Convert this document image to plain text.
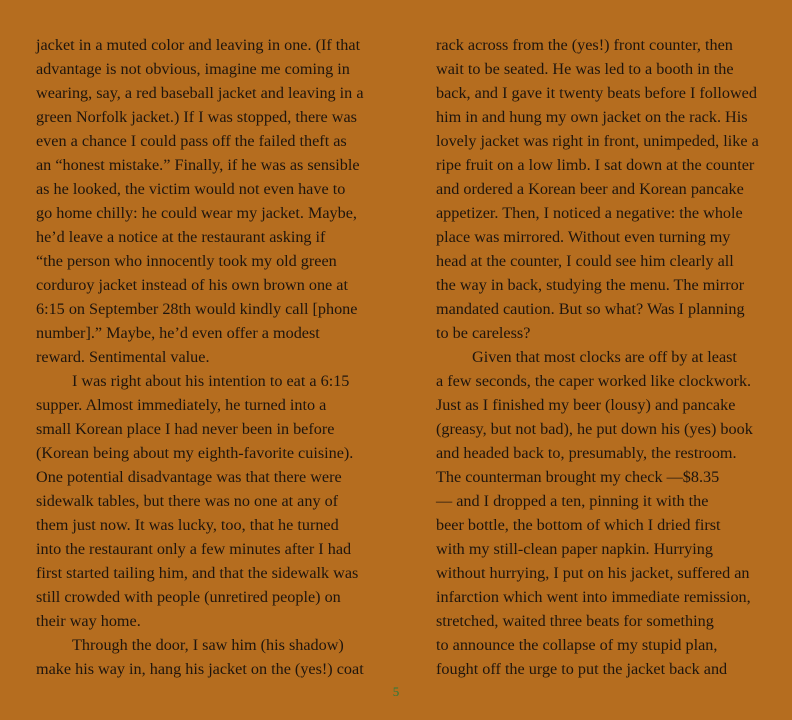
jacket in a muted color and leaving in one. (If that
advantage is not obvious, imagine me coming in
wearing, say, a red baseball jacket and leaving in a
green Norfolk jacket.) If I was stopped, there was
even a chance I could pass off the failed theft as
an “honest mistake.” Finally, if he was as sensible
as he looked, the victim would not even have to
go home chilly: he could wear my jacket. Maybe,
he’d leave a notice at the restaurant asking if
“the person who innocently took my old green
corduroy jacket instead of his own brown one at
6:15 on September 28th would kindly call [phone
number].” Maybe, he’d even offer a modest
reward. Sentimental value.
I was right about his intention to eat a 6:15
supper. Almost immediately, he turned into a
small Korean place I had never been in before
(Korean being about my eighth-favorite cuisine).
One potential disadvantage was that there were
sidewalk tables, but there was no one at any of
them just now. It was lucky, too, that he turned
into the restaurant only a few minutes after I had
first started tailing him, and that the sidewalk was
still crowded with people (unretired people) on
their way home.
Through the door, I saw him (his shadow)
make his way in, hang his jacket on the (yes!) coat
rack across from the (yes!) front counter, then
wait to be seated. He was led to a booth in the
back, and I gave it twenty beats before I followed
him in and hung my own jacket on the rack. His
lovely jacket was right in front, unimpeded, like a
ripe fruit on a low limb. I sat down at the counter
and ordered a Korean beer and Korean pancake
appetizer. Then, I noticed a negative: the whole
place was mirrored. Without even turning my
head at the counter, I could see him clearly all
the way in back, studying the menu. The mirror
mandated caution. But so what? Was I planning
to be careless?
Given that most clocks are off by at least
a few seconds, the caper worked like clockwork.
Just as I finished my beer (lousy) and pancake
(greasy, but not bad), he put down his (yes) book
and headed back to, presumably, the restroom.
The counterman brought my check —$8.35
— and I dropped a ten, pinning it with the
beer bottle, the bottom of which I dried first
with my still-clean paper napkin. Hurrying
without hurrying, I put on his jacket, suffered an
infarction which went into immediate remission,
stretched, waited three beats for something
to announce the collapse of my stupid plan,
fought off the urge to put the jacket back and
5
